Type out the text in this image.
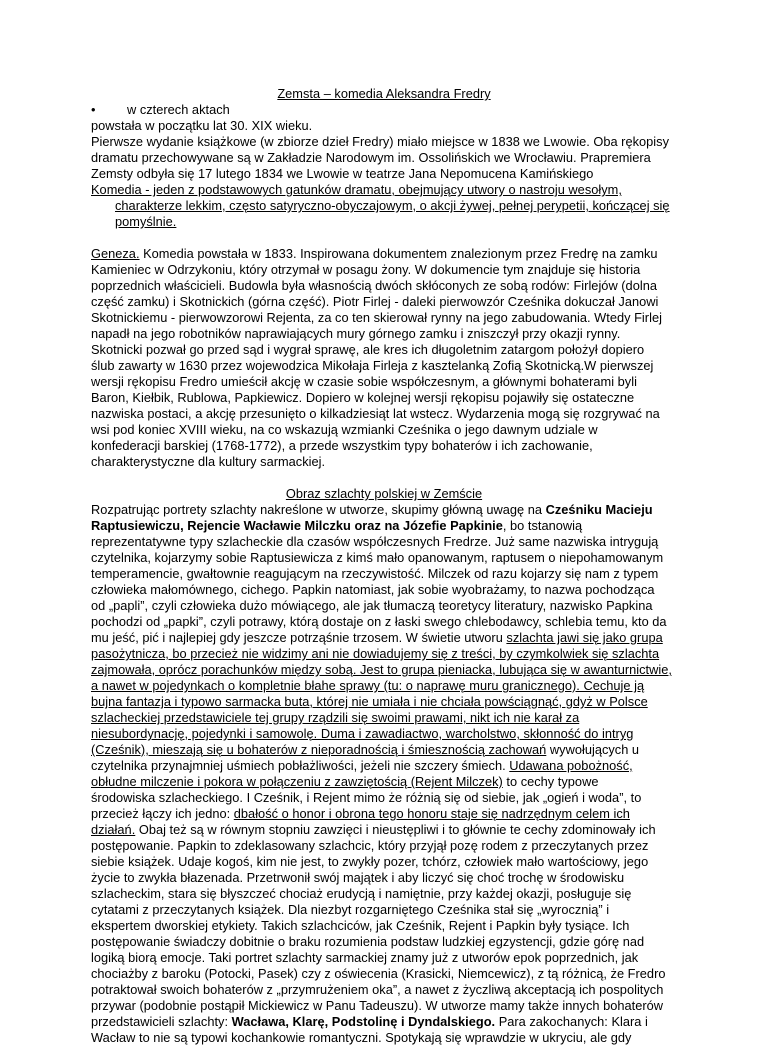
Zemsta – komedia Aleksandra Fredry
•	w czterech aktach
powstała w początku lat 30. XIX wieku.
Pierwsze wydanie książkowe (w zbiorze dzieł Fredry) miało miejsce w 1838 we Lwowie. Oba rękopisy
dramatu przechowywane są w Zakładzie Narodowym im. Ossolińskich we Wrocławiu. Prapremiera
Zemsty odbyła się 17 lutego 1834 we Lwowie w teatrze Jana Nepomucena Kamińskiego
Komedia - jeden z podstawowych gatunków dramatu, obejmujący utwory o nastroju wesołym,
charakterze lekkim, często satyryczno-obyczajowym, o akcji żywej, pełnej perypetii, kończącej się
pomyślnie.
Geneza. Komedia powstała w 1833. Inspirowana dokumentem znalezionym przez Fredrę na zamku
Kamieniec w Odrzykoniu, który otrzymał w posagu żony. W dokumencie tym znajduje się historia
poprzednich właścicieli. Budowla była własnością dwóch skłóconych ze sobą rodów: Firlejów (dolna
część zamku) i Skotnickich (górna część). Piotr Firlej - daleki pierwowzór Cześnika dokuczał Janowi
Skotnickiemu - pierwowzorowi Rejenta, za co ten skierował rynny na jego zabudowania. Wtedy Firlej
napadł na jego robotników naprawiających mury górnego zamku i zniszczył przy okazji rynny.
Skotnicki pozwał go przed sąd i wygrał sprawę, ale kres ich długoletnim zatargom położył dopiero
ślub zawarty w 1630 przez wojewodzica Mikołaja Firleja z kasztelanką Zofią Skotnicką.W pierwszej
wersji rękopisu Fredro umieścił akcję w czasie sobie współczesnym, a głównymi bohaterami byli
Baron, Kiełbik, Rublowa, Papkiewicz. Dopiero w kolejnej wersji rękopisu pojawiły się ostateczne
nazwiska postaci, a akcję przesunięto o kilkadziesiąt lat wstecz. Wydarzenia mogą się rozgrywać na
wsi pod koniec XVIII wieku, na co wskazują wzmianki Cześnika o jego dawnym udziale w
konfederacji barskiej (1768-1772), a przede wszystkim typy bohaterów i ich zachowanie,
charakterystyczne dla kultury sarmackiej.
Obraz szlachty polskiej w Zemście
Rozpatrując portrety szlachty nakreślone w utworze, skupimy główną uwagę na Cześniku Macieju
Raptusiewiczu, Rejencie Wacławie Milczku oraz na Józefie Papkinie, bo tstanowią
reprezentatywne typy szlacheckie dla czasów współczesnych Fredrze. Już same nazwiska intrygują
czytelnika, kojarzymy sobie Raptusiewicza z kimś mało opanowanym, raptusem o niepohamowanym
temperamencie, gwałtownie reagującym na rzeczywistość. Milczek od razu kojarzy się nam z typem
człowieka małomównego, cichego. Papkin natomiast, jak sobie wyobrażamy, to nazwa pochodząca
od „papli”, czyli człowieka dużo mówiącego, ale jak tłumaczą teoretycy literatury, nazwisko Papkina
pochodzi od „papki”, czyli potrawy, którą dostaje on z łaski swego chlebodawcy, schlebia temu, kto da
mu jeść, pić i najlepiej gdy jeszcze potrząśnie trzosem. W świetie utworu szlachta jawi się jako grupa
pasożytnicza, bo przecież nie widzimy ani nie dowiadujemy się z treści, by czymkolwiek się szlachta
zajmowała, oprócz porachunków między sobą. Jest to grupa pieniacka, lubująca się w awanturnictwie,
a nawet w pojedynkach o kompletnie błahe sprawy (tu: o naprawę muru granicznego). Cechuje ją
bujna fantazja i typowo sarmacka buta, której nie umiała i nie chciała powściągnąć, gdyż w Polsce
szlacheckiej przedstawiciele tej grupy rządzili się swoimi prawami, nikt ich nie karał za
niesubordynację, pojedynki i samowolę. Duma i zawadiactwo, warcholstwo, skłonność do intryg
(Cześnik), mieszają się u bohaterów z nieporadnością i śmiesznością zachowań wywołujących u
czytelnika przynajmniej uśmiech pobłażliwości, jeżeli nie szczery śmiech. Udawana pobożność,
obłudne milczenie i pokora w połączeniu z zawziętością (Rejent Milczek) to cechy typowe
środowiska szlacheckiego. I Cześnik, i Rejent mimo że różnią się od siebie, jak „ogień i woda”, to
przecież łączy ich jedno: dbałość o honor i obrona tego honoru staje się nadrzędnym celem ich
działań. Obaj też są w równym stopniu zawzięci i nieustępliwi i to głównie te cechy zdominowały ich
postępowanie. Papkin to zdeklasowany szlachcic, który przyjął pozę rodem z przeczytanych przez
siebie książek. Udaje kogoś, kim nie jest, to zwykły pozer, tchórz, człowiek mało wartościowy, jego
życie to zwykła błazenada. Przetrwonił swój majątek i aby liczyć się choć trochę w środowisku
szlacheckim, stara się błyszczeć chociaż erudycją i namiętnie, przy każdej okazji, posługuje się
cytatami z przeczytanych książek. Dla niezbyt rozgarniętego Cześnika stał się „wyrocznią” i
ekspertem dworskiej etykiety. Takich szlachciców, jak Cześnik, Rejent i Papkin były tysiące. Ich
postępowanie świadczy dobitnie o braku rozumienia podstaw ludzkiej egzystencji, gdzie górę nad
logiką biorą emocje. Taki portret szlachty sarmackiej znamy już z utworów epok poprzednich, jak
chociażby z baroku (Potocki, Pasek) czy z oświecenia (Krasicki, Niemcewicz), z tą różnicą, że Fredro
potraktował swoich bohaterów z „przymrużeniem oka”, a nawet z życzliwą akceptacją ich pospolitych
przywar (podobnie postąpił Mickiewicz w Panu Tadeuszu). W utworze mamy także innych bohaterów
przedstawicieli szlachty: Wacława, Klarę, Podstolinę i Dyndalskiego. Para zakochanych: Klara i
Wacław to nie są typowi kochankowie romantyczni. Spotykają się wprawdzie w ukryciu, ale gdy
